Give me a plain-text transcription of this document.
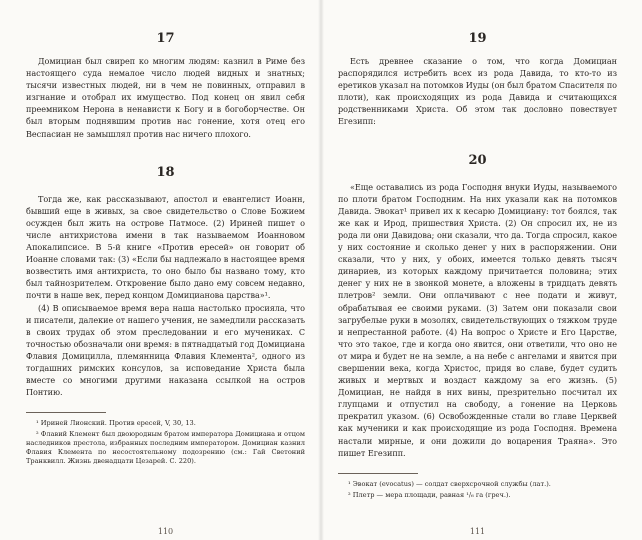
17

Домициан был свиреп ко многим людям: казнил в Риме без настоящего суда немалое число людей видных и знатных; тысячи известных людей, ни в чем не повинных, отправил в изгнание и отобрал их имущество. Под конец он явил себя преемником Нерона в ненависти к Богу и в богоборчестве. Он был вторым поднявшим против нас гонение, хотя отец его Веспасиан не замышлял против нас ничего плохого.

18

Тогда же, как рассказывают, апостол и евангелист Иоанн, бывший еще в живых, за свое свидетельство о Слове Божием осужден был жить на острове Патмосе. (2) Ириней пишет о числе антихристова имени в так называемом Иоанновом Апокалипсисе. В 5-й книге «Против ересей» он говорит об Иоанне словами так: (3) «Если бы надлежало в настоящее время возвестить имя антихриста, то оно было бы названо тому, кто был тайнозрителем. Откровение было дано ему совсем недавно, почти в наше век, перед концом Домицианова царства»¹.

(4) В описываемое время вера наша настолько просияла, что и писатели, далекие от нашего учения, не замедлили рассказать в своих трудах об этом преследовании и его мучениках. С точностью обозначали они время: в пятнадцатый год Домициана Флавия Домицилла, племянница Флавия Клемента², одного из тогдашних римских консулов, за исповедание Христа была вместе со многими другими наказана ссылкой на остров Понтию.

¹ Ириней Лионский. Против ересей, V, 30, 13.

² Флавий Клемент был двоюродным братом императора Домициана и отцом наследников престола, избранных последним императором. Домициан казнил Флавия Клемента по несостоятельному подозрению (см.: Гай Светоний Транквилл. Жизнь двенадцати Цезарей. С. 220).

110
19

Есть древнее сказание о том, что когда Домициан распорядился истребить всех из рода Давида, то кто-то из еретиков указал на потомков Иуды (он был братом Спасителя по плоти), как происходящих из рода Давида и считающихся родственниками Христа. Об этом так дословно повествует Егезипп:

20

«Еще оставались из рода Господня внуки Иуды, называемого по плоти братом Господним. На них указали как на потомков Давида. Эвокат¹ привел их к кесарю Домициану: тот боялся, так же как и Ирод, пришествия Христа. (2) Он спросил их, не из рода ли они Давидова; они сказали, что да. Тогда спросил, какое у них состояние и сколько денег у них в распоряжении. Они сказали, что у них, у обоих, имеется только девять тысяч динариев, из которых каждому причитается половина; этих денег у них не в звонкой монете, а вложены в тридцать девять плетров² земли. Они оплачивают с нее подати и живут, обрабатывая ее своими руками. (3) Затем они показали свои загрубелые руки в мозолях, свидетельствующих о тяжком труде и непрестанной работе. (4) На вопрос о Христе и Его Царстве, что это такое, где и когда оно явится, они ответили, что оно не от мира и будет не на земле, а на небе с ангелами и явится при свершении века, когда Христос, придя во славе, будет судить живых и мертвых и воздаст каждому за его жизнь. (5) Домициан, не найдя в них вины, презрительно посчитал их глупцами и отпустил на свободу, а гонение на Церковь прекратил указом. (6) Освобожденные стали во главе Церквей как мученики и как происходящие из рода Господня. Времена настали мирные, и они дожили до воцарения Траяна». Это пишет Егезипп.

¹ Эвокат (evocatus) — солдат сверхсрочной службы (лат.).

² Плетр — мера площади, равная ¹/₆ га (греч.).

111
